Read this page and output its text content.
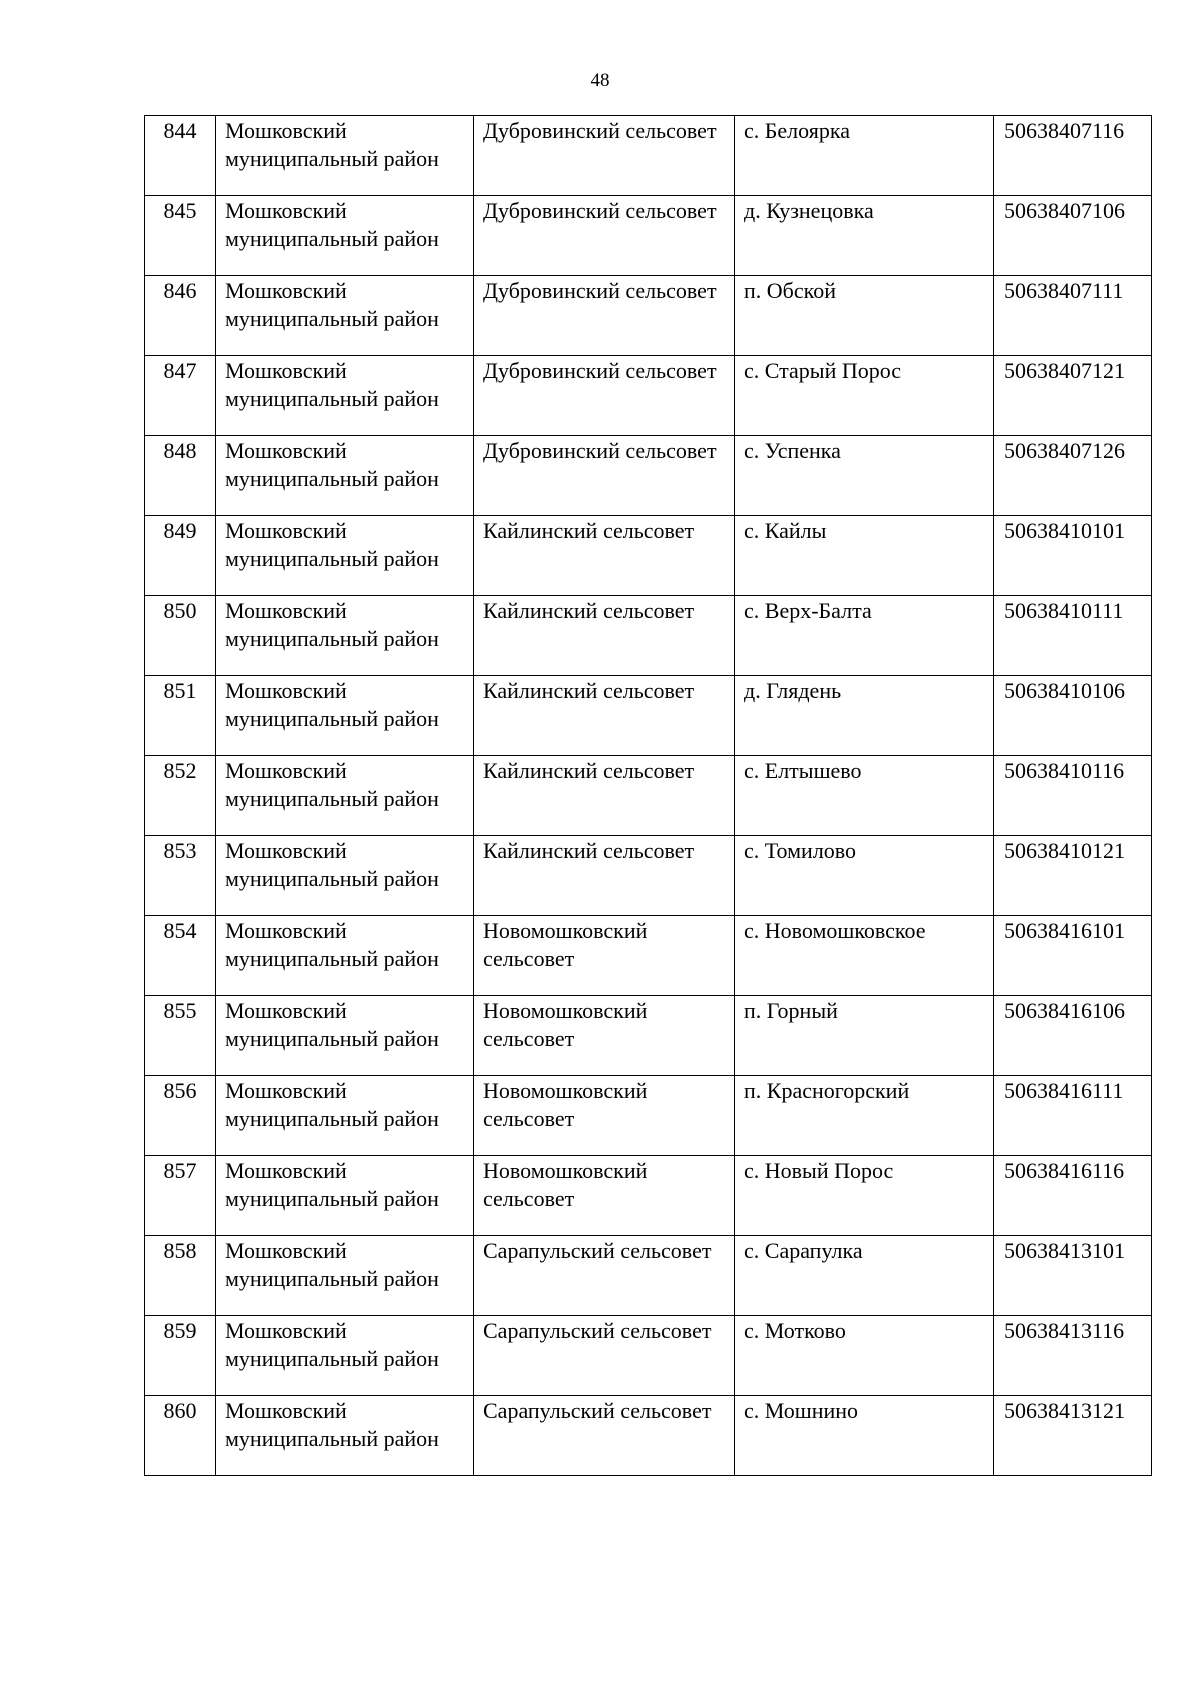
48
844	Мошковский муниципальный район	Дубровинский сельсовет	с. Белоярка	50638407116
845	Мошковский муниципальный район	Дубровинский сельсовет	д. Кузнецовка	50638407106
846	Мошковский муниципальный район	Дубровинский сельсовет	п. Обской	50638407111
847	Мошковский муниципальный район	Дубровинский сельсовет	с. Старый Порос	50638407121
848	Мошковский муниципальный район	Дубровинский сельсовет	с. Успенка	50638407126
849	Мошковский муниципальный район	Кайлинский сельсовет	с. Кайлы	50638410101
850	Мошковский муниципальный район	Кайлинский сельсовет	с. Верх-Балта	50638410111
851	Мошковский муниципальный район	Кайлинский сельсовет	д. Глядень	50638410106
852	Мошковский муниципальный район	Кайлинский сельсовет	с. Елтышево	50638410116
853	Мошковский муниципальный район	Кайлинский сельсовет	с. Томилово	50638410121
854	Мошковский муниципальный район	Новомошковский сельсовет	с. Новомошковское	50638416101
855	Мошковский муниципальный район	Новомошковский сельсовет	п. Горный	50638416106
856	Мошковский муниципальный район	Новомошковский сельсовет	п. Красногорский	50638416111
857	Мошковский муниципальный район	Новомошковский сельсовет	с. Новый Порос	50638416116
858	Мошковский муниципальный район	Сарапульский сельсовет	с. Сарапулка	50638413101
859	Мошковский муниципальный район	Сарапульский сельсовет	с. Мотково	50638413116
860	Мошковский муниципальный район	Сарапульский сельсовет	с. Мошнино	50638413121
